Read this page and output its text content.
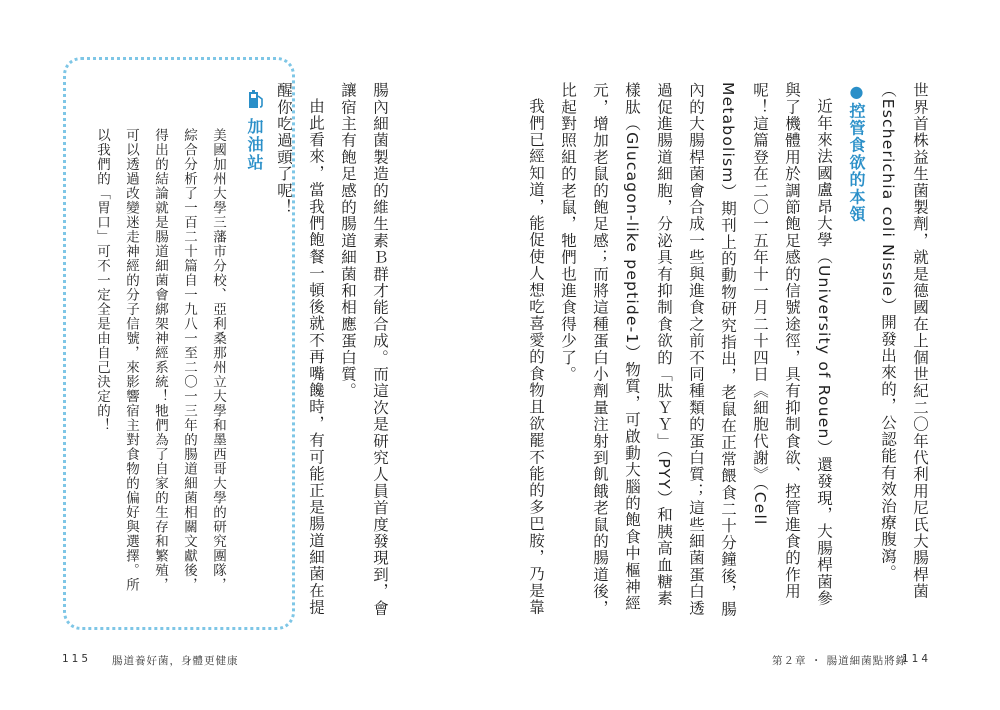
腸內細菌製造的維生素Ｂ群才能合成。而這次是研究人員首度發現到，會讓宿主有飽足感的腸道細菌和相應蛋白質。

由此看來，當我們飽餐一頓後就不再嘴饞時，有可能正是腸道細菌在提醒你吃過頭了呢！

加油站

美國加州大學三藩市分校、亞利桑那州立大學和墨西哥大學的研究團隊，綜合分析了一百二十篇自一九八一至二〇一三年的腸道細菌相關文獻後，得出的結論就是腸道細菌會綁架神經系統！牠們為了自家的生存和繁殖，可以透過改變迷走神經的分子信號，來影響宿主對食物的偏好與選擇。所以我們的「胃口」可不一定全是由自己決定的！

115 腸道養好菌，身體更健康

世界首株益生菌製劑，就是德國在上個世紀二〇年代利用尼氏大腸桿菌（Escherichia coli Nissle）開發出來的，公認能有效治療腹瀉。

●控管食欲的本領

近年來法國盧昂大學（University of Rouen）還發現，大腸桿菌參與了機體用於調節飽足感的信號途徑，具有抑制食欲、控管進食的作用呢！這篇登在二〇一五年十一月二十四日《細胞代謝》（Cell Metabolism）期刊上的動物研究指出，老鼠在正常餵食二十分鐘後，腸內的大腸桿菌會合成一些與進食之前不同種類的蛋白質；這些細菌蛋白透過促進腸道細胞，分泌具有抑制食欲的「肽ＹＹ」（PYY）和胰高血糖素樣肽（Glucagon-like peptide-1）物質，可啟動大腦的飽食中樞神經元，增加老鼠的飽足感；而將這種蛋白小劑量注射到飢餓老鼠的腸道後，比起對照組的老鼠，牠們也進食得少了。

我們已經知道，能促使人想吃喜愛的食物且欲罷不能的多巴胺，乃是靠

第２章 ・ 腸道細菌點將錄
114
